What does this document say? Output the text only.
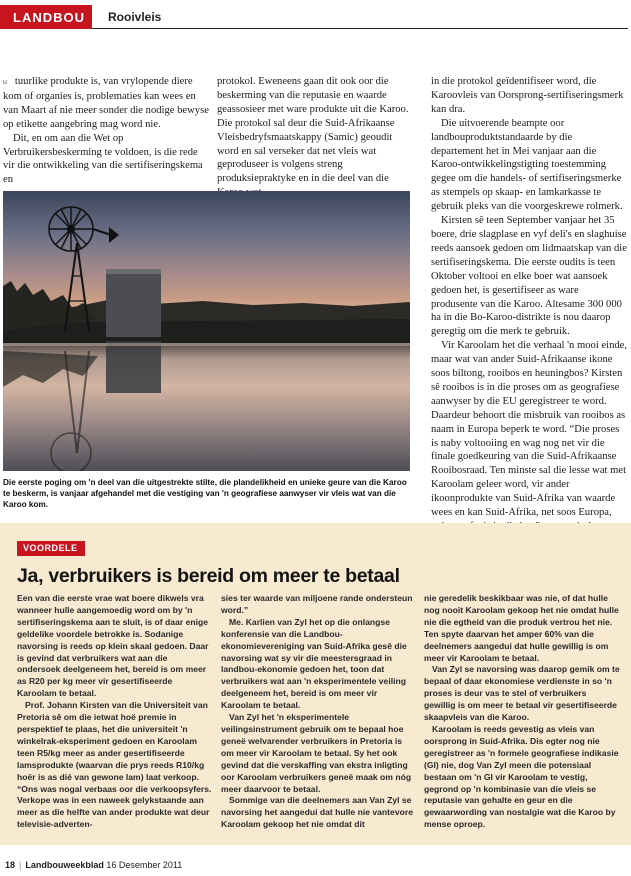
LANDBOU	Rooivleis

u tuurlike produkte is, van vrylopende diere kom of organies is, problematies kan wees en van Maart af nie meer sonder die nodige bewyse op etikette aangebring mag word nie.

Dit, en om aan die Wet op Verbruikersbeskerming te voldoen, is die rede vir die ontwikkeling van die sertifiseringskema en

protokol. Eweneens gaan dit ook oor die beskerming van die reputasie en waarde geassosieer met ware produkte uit die Karoo. Die protokol sal deur die Suid-Afrikaanse Vleisbedryfsmaatskappy (Samic) geoudit word en sal verseker dat net vleis wat geproduseer is volgens streng produksiepraktyke en in die deel van die

in die protokol geïdentifiseer word, die Karoovleis van Oorsprong-sertifiseringsmerk kan dra.

Die uitvoerende beampte oor landbouproduktstandaarde by die departement het in Mei vanjaar aan die Karoo-ontwikkelingstigting toestemming gegee om die handels- of sertifiseringsmerke as stempels op skaap- en lamkarkasse te gebruik pleks van die voorgeskrewe rolmerk.

Kirsten sê teen September vanjaar het 35 boere, drie slagplase en vyf deli's en slaghuise reeds aansoek gedoen om lidmaatskap van die sertifiseringskema. Die eerste oudits is teen Oktober voltooi en elke boer wat aansoek gedoen het, is gesertifiseer as ware produsente van die Karoo. Altesame 300 000 ha in die Bo-Karoo-distrikte is nou daarop geregtig om die merk te gebruik.

Vir Karoolam het die verhaal 'n mooi einde, maar wat van ander Suid-Afrikaanse ikone soos biltong, rooibos en heuningbos? Kirsten sê rooibos is in die proses om as geografiese aanwyser by die EU geregistreer te word. Daardeur behoort die misbruik van rooibos as naam in Europa beperk te word. “Die proses is naby voltooiing en wag nog net vir die finale goedkeuring van die Suid-Afrikaanse Rooibosraad. Ten minste sal die lesse wat met Karoolam geleer word, vir ander ikoonprodukte van Suid-Afrika van waarde wees en kan Suid-Afrika, net soos Europa,

Die eerste poging om 'n deel van die uitgestrekte stilte, die plandelikheid en unieke geure van die Karoo te beskerm, is vanjaar afgehandel met die vestiging van 'n geografiese aanwyser vir vleis wat van die Karoo kom.
VOORDELE
Ja, verbruikers is bereid om meer te betaal

Een van die eerste vrae wat boere dikwels vra wanneer hulle aangemoedig word om by 'n sertifiseringskema aan te sluit, is of daar enige geldelike voordele betrokke is. Sodanige navorsing is reeds op klein skaal gedoen. Daar is gevind dat verbruikers wat aan die ondersoek deelgeneem het, bereid is om meer as R20 per kg meer vir gesertifiseerde Karoolam te betaal.

Prof. Johann Kirsten van die Universiteit van Pretoria sê om die ietwat hoë premie in perspektief te plaas, het die universiteit 'n winkelrak-eksperiment gedoen en Karoolam teen R5/kg meer as ander gesertifiseerde lamsprodukte (waarvan die prys reeds R10/kg hoër is as dié van gewone lam) laat verkoop. “Ons was nogal verbaas oor die verkoopsyfers. Verkope was in een naweek gelykstaande aan meer as die helfte van ander produkte wat deur televisie-adverten-

sies ter waarde van miljoene rande ondersteun word.”

Me. Karlien van Zyl het op die onlangse konferensie van die Landbou-ekonomievereniging van Suid-Afrika gesê die navorsing wat sy vir die meestersgraad in landbou-ekonomie gedoen het, toon dat verbruikers wat aan 'n eksperimentele veiling deelgeneem het, bereid is om meer vir Karoolam te betaal.

Van Zyl het 'n eksperimentele veilingsinstrument gebruik om te bepaal hoe geneë welvarender verbruikers in Pretoria is om meer vir Karoolam te betaal. Sy het ook gevind dat die verskaffing van ekstra inligting oor Karoolam verbruikers geneë maak om nóg meer daarvoor te betaal.

Sommige van die deelnemers aan Van Zyl se navorsing het aangedui dat hulle nie vantevore Karoolam gekoop het nie omdat dit

nie geredelik beskikbaar was nie, of dat hulle nog nooit Karoolam gekoop het nie omdat hulle nie die egtheid van die produk vertrou het nie. Ten spyte daarvan het amper 60% van die deelnemers aangedui dat hulle gewillig is om meer vir Karoolam te betaal.

Van Zyl se navorsing was daarop gemik om te bepaal of daar ekonomiese verdienste in so 'n proses is deur vas te stel of verbruikers gewillig is om meer te betaal vir gesertifiseerde skaapvleis van die Karoo.

Karoolam is reeds gevestig as vleis van oorsprong in Suid-Afrika. Dis egter nog nie geregistreer as 'n formele geografiese indikasie (GI) nie, dog Van Zyl meen die potensiaal bestaan om 'n GI vir Karoolam te vestig, gegrond op 'n kombinasie van die vleis se reputasie van gehalte en geur en die gewaarwording van nostalgie wat die Karoo by mense oproep.

18 | Landbouweekblad 16 Desember 2011
